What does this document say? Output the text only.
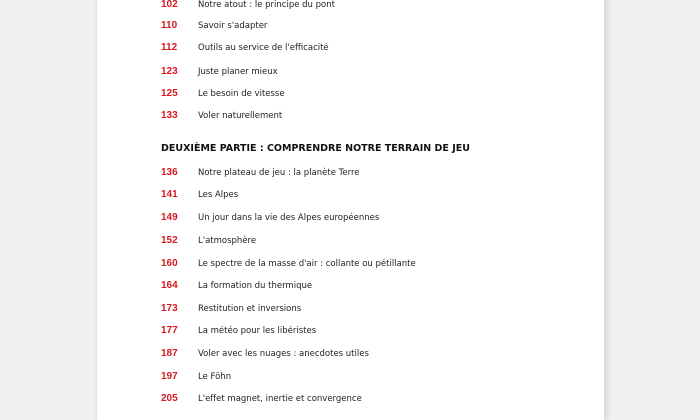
102	Notre atout : le principe du pont
110	Savoir s'adapter
112	Outils au service de l'efficacité
123	Juste planer mieux
125	Le besoin de vitesse
133	Voler naturellement
DEUXIÈME PARTIE : COMPRENDRE NOTRE TERRAIN DE JEU
136	Notre plateau de jeu : la planète Terre
141	Les Alpes
149	Un jour dans la vie des Alpes européennes
152	L'atmosphère
160	Le spectre de la masse d'air : collante ou pétillante
164	La formation du thermique
173	Restitution et inversions
177	La météo pour les libéristes
187	Voler avec les nuages : anecdotes utiles
197	Le Föhn
205	L'effet magnet, inertie et convergence
